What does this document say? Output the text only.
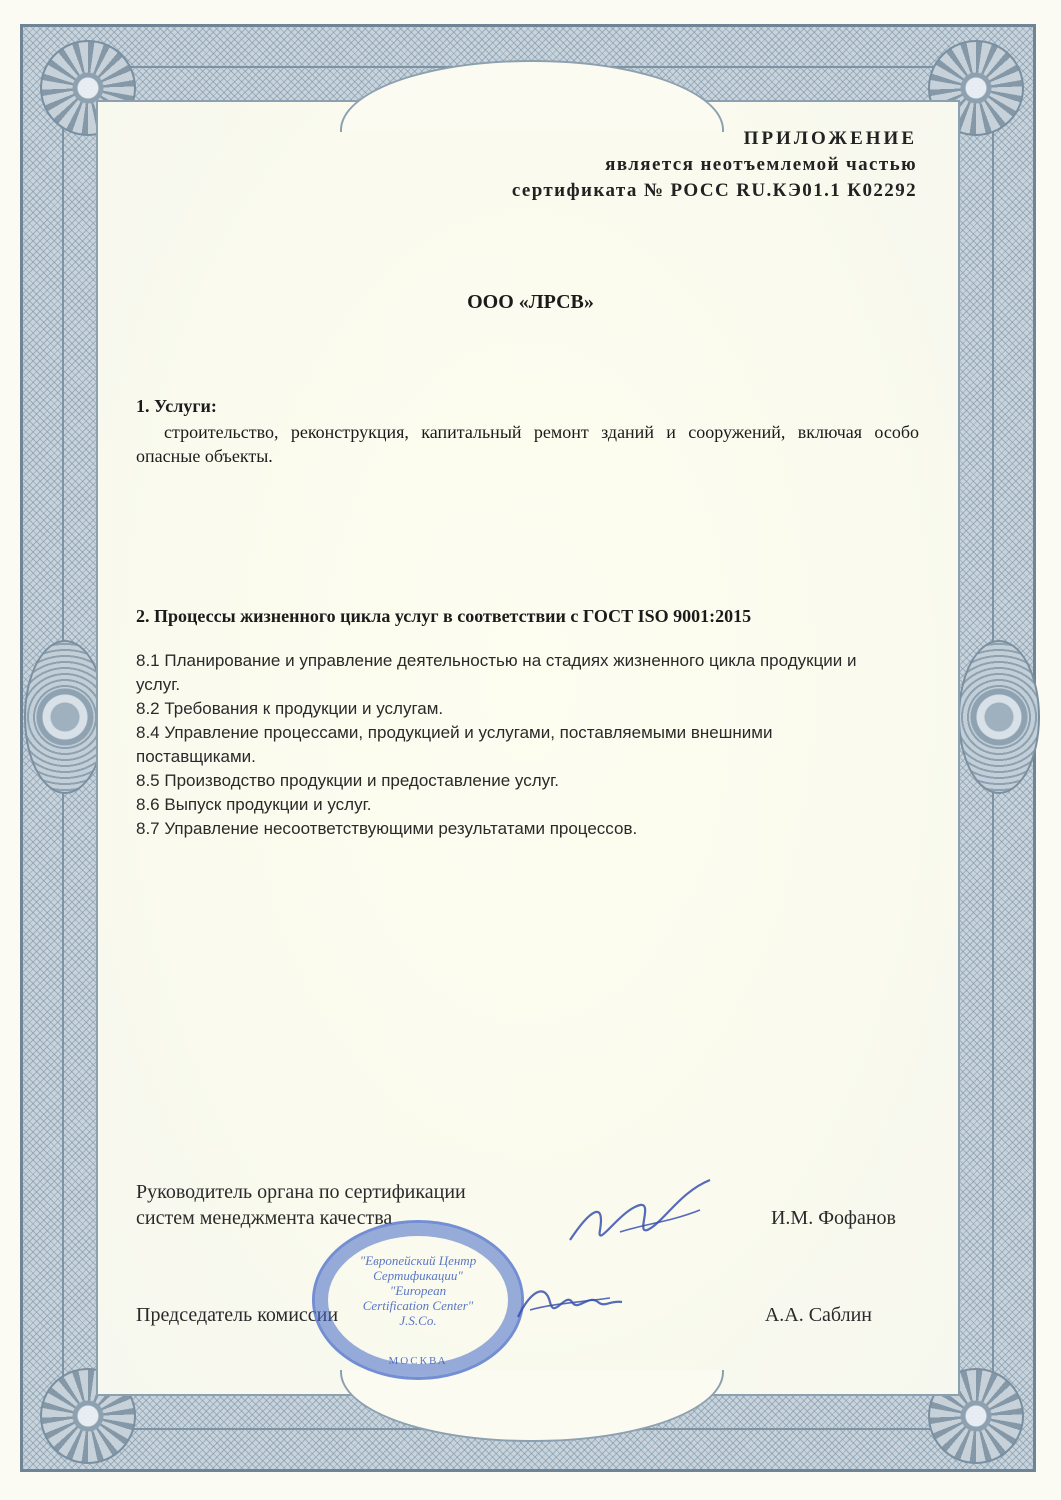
ПРИЛОЖЕНИЕ
является неотъемлемой частью
сертификата № РОСС RU.КЭ01.1 К02292
ООО «ЛРСВ»
1. Услуги:
строительство, реконструкция, капитальный ремонт зданий и сооружений, включая особо опасные объекты.
2. Процессы жизненного цикла услуг в соответствии с ГОСТ ISO 9001:2015
8.1 Планирование и управление деятельностью на стадиях жизненного цикла продукции и услуг.
8.2 Требования к продукции и услугам.
8.4 Управление процессами, продукцией и услугами, поставляемыми внешними поставщиками.
8.5 Производство продукции и предоставление услуг.
8.6 Выпуск продукции и услуг.
8.7 Управление несоответствующими результатами процессов.
Руководитель органа по сертификации
систем менеджмента качества	И.М. Фофанов
Председатель комиссии	А.А. Саблин
"Европейский Центр
Сертификации"
"European
Certification Center"
J.S.Co.
МОСКВА
